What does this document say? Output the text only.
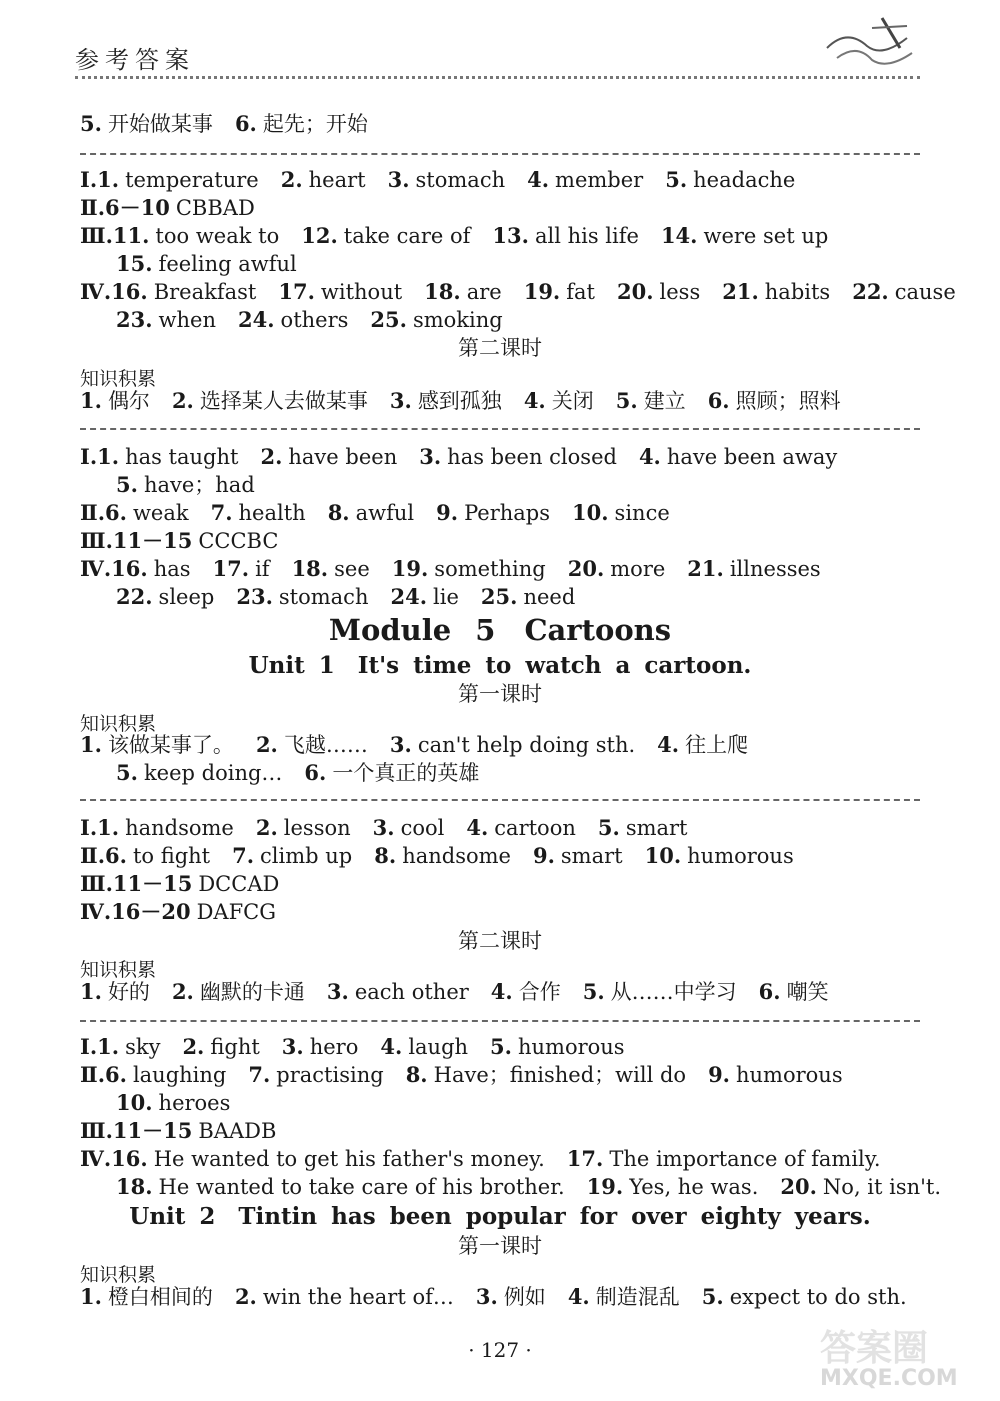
参考答案
5. 开始做某事 6. 起先；开始
Ⅰ.1. temperature 2. heart 3. stomach 4. member 5. headache
Ⅱ.6－10 CBBAD
Ⅲ.11. too weak to 12. take care of 13. all his life 14. were set up
15. feeling awful
Ⅳ.16. Breakfast 17. without 18. are 19. fat 20. less 21. habits 22. cause
23. when 24. others 25. smoking
第二课时
知识积累
1. 偶尔 2. 选择某人去做某事 3. 感到孤独 4. 关闭 5. 建立 6. 照顾；照料
Ⅰ.1. has taught 2. have been 3. has been closed 4. have been away
5. have；had
Ⅱ.6. weak 7. health 8. awful 9. Perhaps 10. since
Ⅲ.11－15 CCCBC
Ⅳ.16. has 17. if 18. see 19. something 20. more 21. illnesses
22. sleep 23. stomach 24. lie 25. need
Module 5　Cartoons
Unit 1　It's time to watch a cartoon.
第一课时
知识积累
1. 该做某事了。 2. 飞越…… 3. can't help doing sth. 4. 往上爬
5. keep doing… 6. 一个真正的英雄
Ⅰ.1. handsome 2. lesson 3. cool 4. cartoon 5. smart
Ⅱ.6. to fight 7. climb up 8. handsome 9. smart 10. humorous
Ⅲ.11－15 DCCAD
Ⅳ.16－20 DAFCG
第二课时
知识积累
1. 好的 2. 幽默的卡通 3. each other 4. 合作 5. 从……中学习 6. 嘲笑
Ⅰ.1. sky 2. fight 3. hero 4. laugh 5. humorous
Ⅱ.6. laughing 7. practising 8. Have；finished；will do 9. humorous
10. heroes
Ⅲ.11－15 BAADB
Ⅳ.16. He wanted to get his father's money. 17. The importance of family.
18. He wanted to take care of his brother. 19. Yes, he was. 20. No, it isn't.
Unit 2　Tintin has been popular for over eighty years.
第一课时
知识积累
1. 橙白相间的 2. win the heart of… 3. 例如 4. 制造混乱 5. expect to do sth.
· 127 ·	答案圈
MXQE.COM
